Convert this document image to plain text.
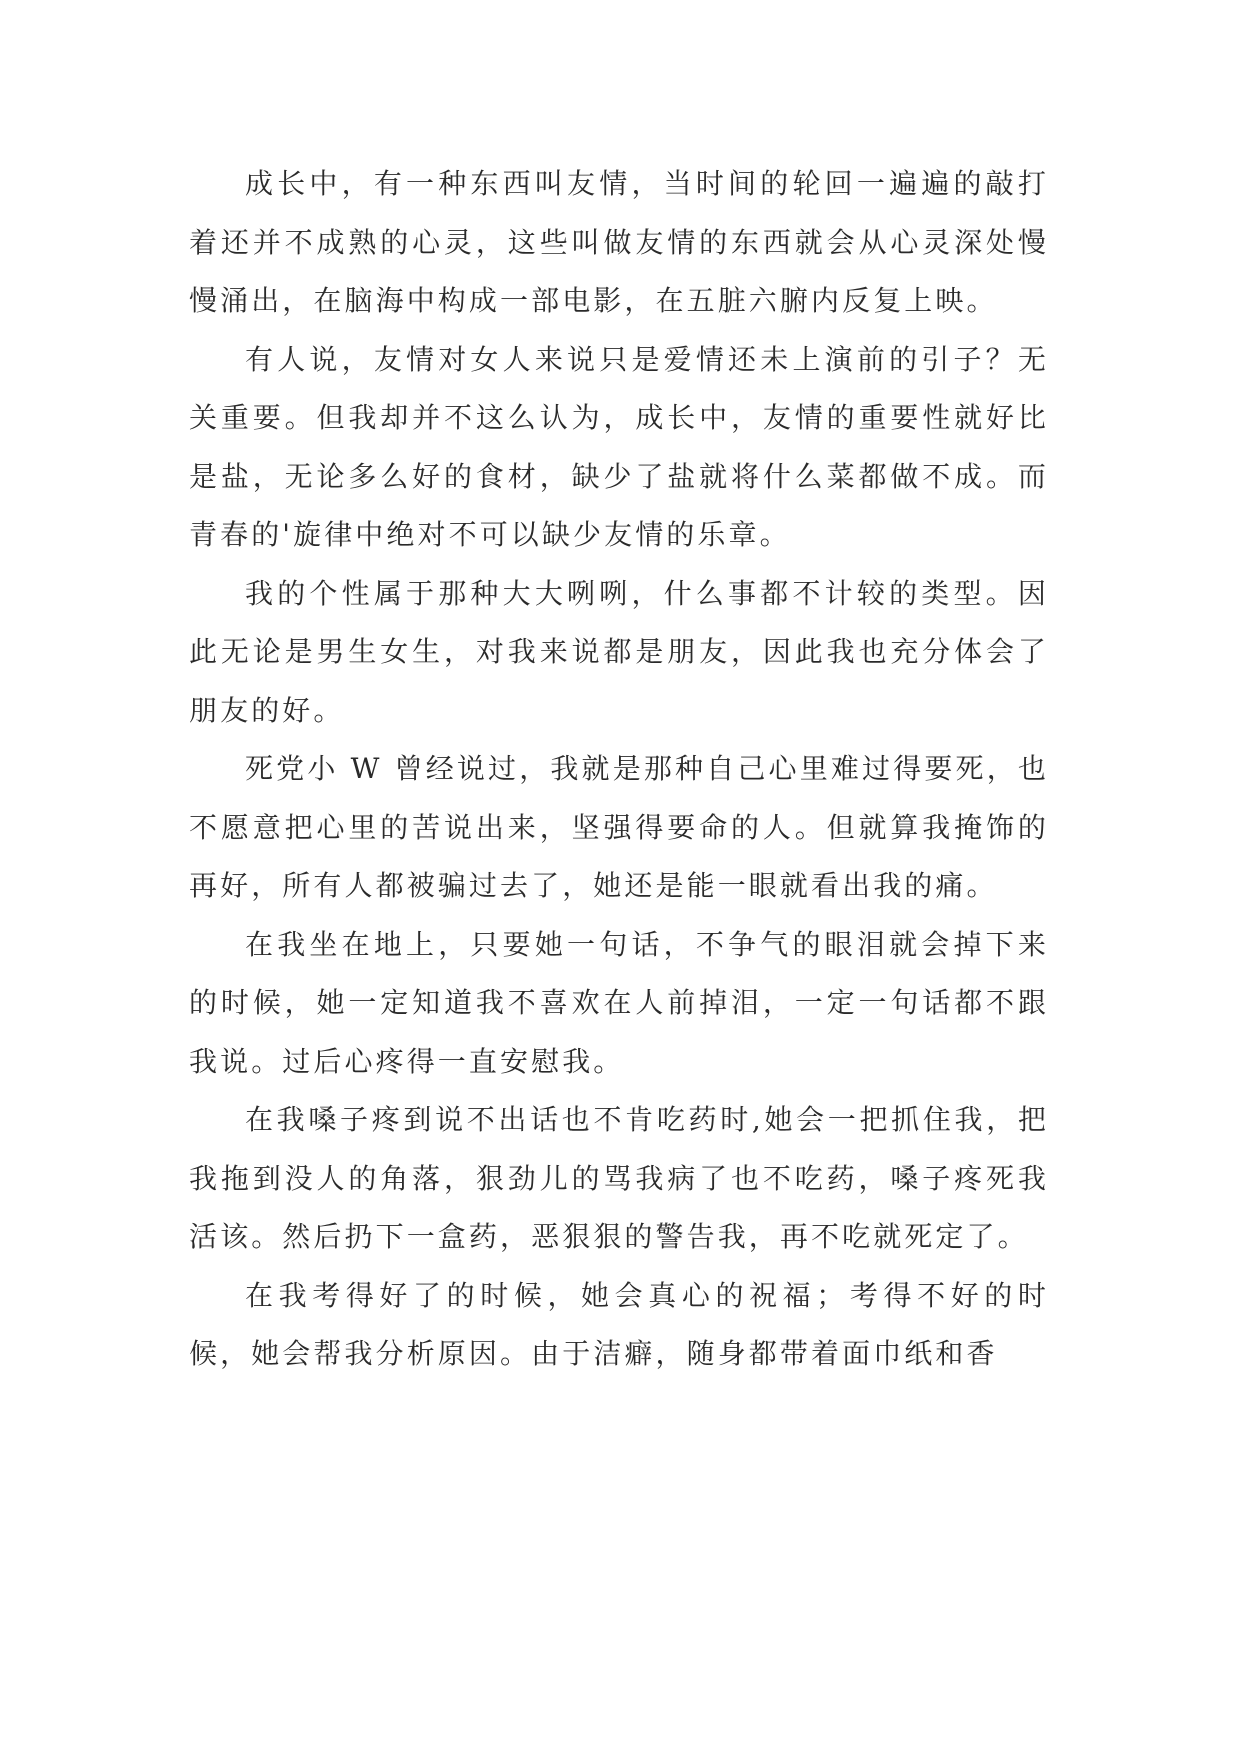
成长中，有一种东西叫友情，当时间的轮回一遍遍的敲打着还并不成熟的心灵，这些叫做友情的东西就会从心灵深处慢慢涌出，在脑海中构成一部电影，在五脏六腑内反复上映。

有人说，友情对女人来说只是爱情还未上演前的引子？无关重要。但我却并不这么认为，成长中，友情的重要性就好比是盐，无论多么好的食材，缺少了盐就将什么菜都做不成。而青春的'旋律中绝对不可以缺少友情的乐章。

我的个性属于那种大大咧咧，什么事都不计较的类型。因此无论是男生女生，对我来说都是朋友，因此我也充分体会了朋友的好。

死党小 W 曾经说过，我就是那种自己心里难过得要死，也不愿意把心里的苦说出来，坚强得要命的人。但就算我掩饰的再好，所有人都被骗过去了，她还是能一眼就看出我的痛。

在我坐在地上，只要她一句话，不争气的眼泪就会掉下来的时候，她一定知道我不喜欢在人前掉泪，一定一句话都不跟我说。过后心疼得一直安慰我。

在我嗓子疼到说不出话也不肯吃药时,她会一把抓住我，把我拖到没人的角落，狠劲儿的骂我病了也不吃药，嗓子疼死我活该。然后扔下一盒药，恶狠狠的警告我，再不吃就死定了。

在我考得好了的时候，她会真心的祝福；考得不好的时候，她会帮我分析原因。由于洁癖，随身都带着面巾纸和香
